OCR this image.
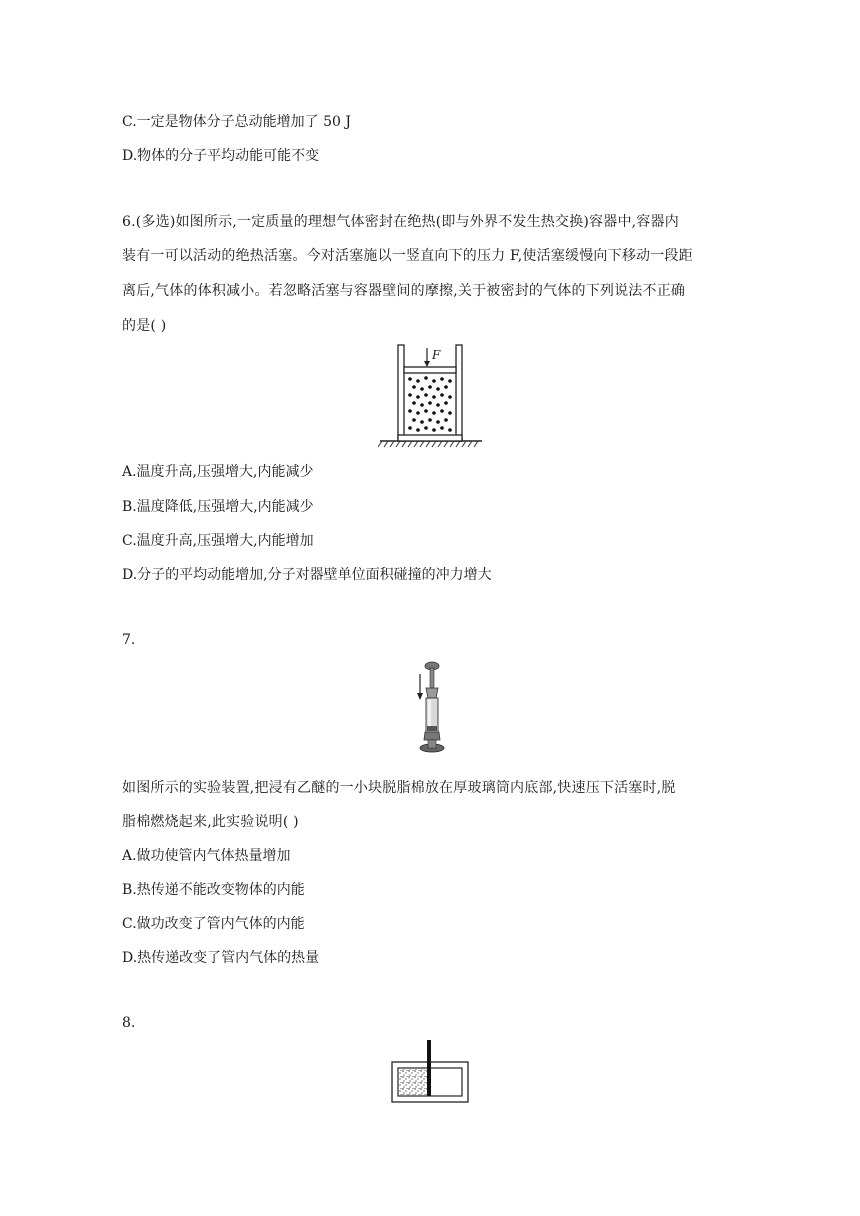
C.一定是物体分子总动能增加了 50 J
D.物体的分子平均动能可能不变
6.(多选)如图所示,一定质量的理想气体密封在绝热(即与外界不发生热交换)容器中,容器内
装有一可以活动的绝热活塞。今对活塞施以一竖直向下的压力 F,使活塞缓慢向下移动一段距
离后,气体的体积减小。若忽略活塞与容器壁间的摩擦,关于被密封的气体的下列说法不正确
的是( )
F
A.温度升高,压强增大,内能减少
B.温度降低,压强增大,内能减少
C.温度升高,压强增大,内能增加
D.分子的平均动能增加,分子对器壁单位面积碰撞的冲力增大
7.
如图所示的实验装置,把浸有乙醚的一小块脱脂棉放在厚玻璃筒内底部,快速压下活塞时,脱
脂棉燃烧起来,此实验说明( )
A.做功使管内气体热量增加
B.热传递不能改变物体的内能
C.做功改变了管内气体的内能
D.热传递改变了管内气体的热量
8.
